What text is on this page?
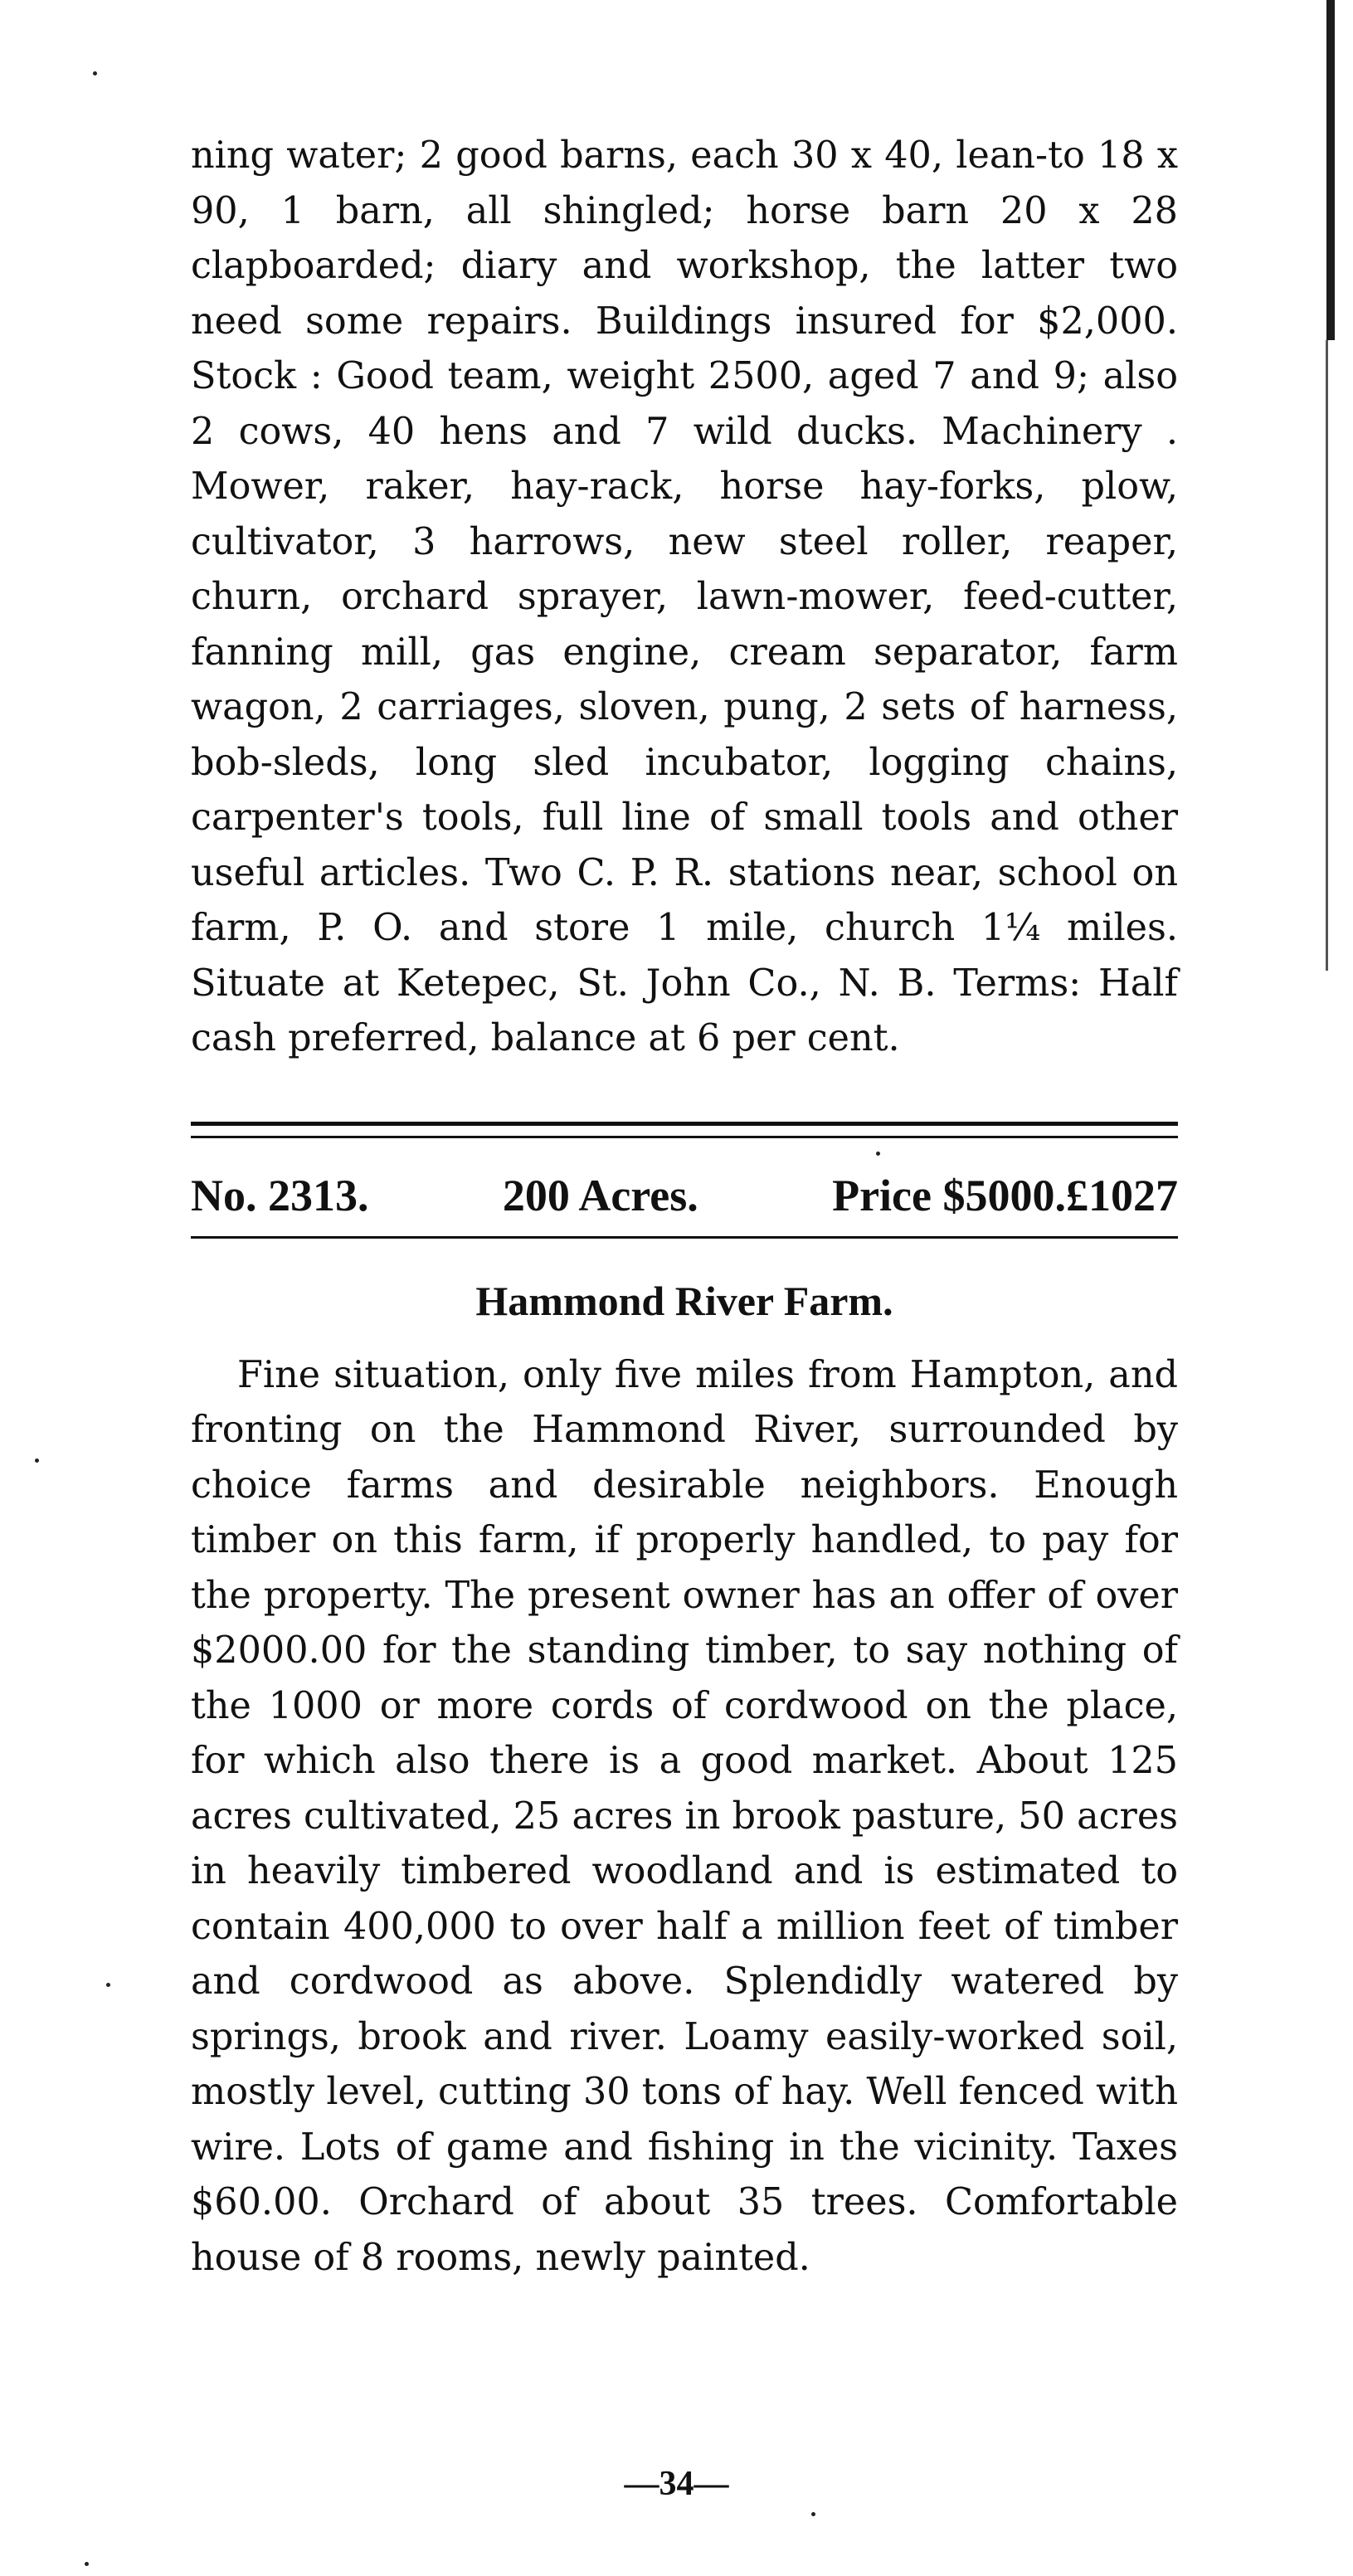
ning water; 2 good barns, each 30 x 40, lean-to 18 x 90, 1 barn, all shingled; horse barn 20 x 28 clapboarded; diary and workshop, the latter two need some repairs. Buildings insured for $2,000. Stock : Good team, weight 2500, aged 7 and 9; also 2 cows, 40 hens and 7 wild ducks. Machinery . Mower, raker, hay-rack, horse hay-forks, plow, cultivator, 3 harrows, new steel roller, reaper, churn, orchard sprayer, lawn-mower, feed-cutter, fanning mill, gas engine, cream separator, farm wagon, 2 carriages, sloven, pung, 2 sets of harness, bob-sleds, long sled incubator, logging chains, carpenter's tools, full line of small tools and other useful articles. Two C. P. R. stations near, school on farm, P. O. and store 1 mile, church 1¼ miles. Situate at Ketepec, St. John Co., N. B. Terms: Half cash preferred, balance at 6 per cent.

No. 2313.	200 Acres.	Price $5000. £1027
Hammond River Farm.

Fine situation, only five miles from Hampton, and fronting on the Hammond River, surrounded by choice farms and desirable neighbors. Enough timber on this farm, if properly handled, to pay for the property. The present owner has an offer of over $2000.00 for the standing timber, to say nothing of the 1000 or more cords of cordwood on the place, for which also there is a good market. About 125 acres cultivated, 25 acres in brook pasture, 50 acres in heavily timbered woodland and is estimated to contain 400,000 to over half a million feet of timber and cordwood as above. Splendidly watered by springs, brook and river. Loamy easily-worked soil, mostly level, cutting 30 tons of hay. Well fenced with wire. Lots of game and fishing in the vicinity. Taxes $60.00. Orchard of about 35 trees. Comfortable house of 8 rooms, newly painted.

—34—
